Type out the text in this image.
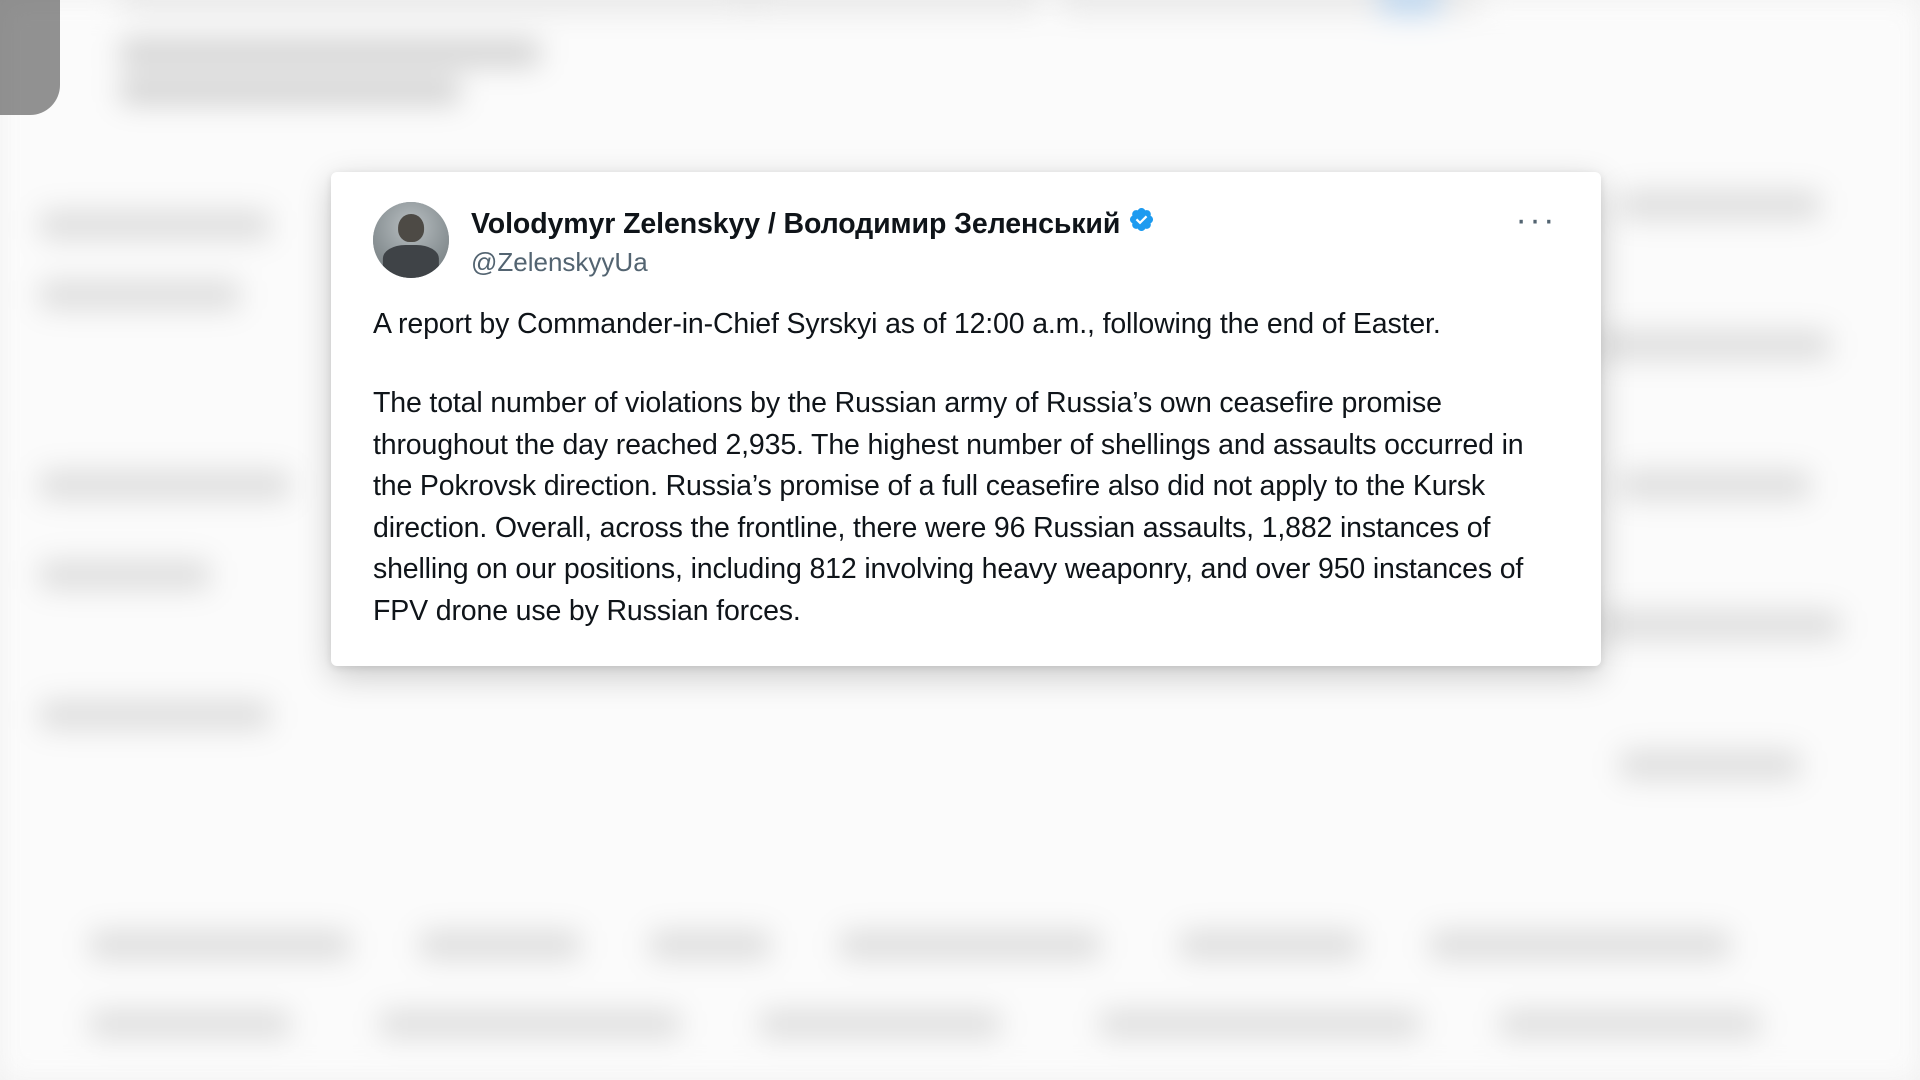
Volodymyr Zelenskyy / Володимир Зеленський
@ZelenskyyUa
···

A report by Commander-in-Chief Syrskyi as of 12:00 a.m., following the end of Easter.

The total number of violations by the Russian army of Russia’s own ceasefire promise throughout the day reached 2,935. The highest number of shellings and assaults occurred in the Pokrovsk direction. Russia’s promise of a full ceasefire also did not apply to the Kursk direction. Overall, across the frontline, there were 96 Russian assaults, 1,882 instances of shelling on our positions, including 812 involving heavy weaponry, and over 950 instances of FPV drone use by Russian forces.
